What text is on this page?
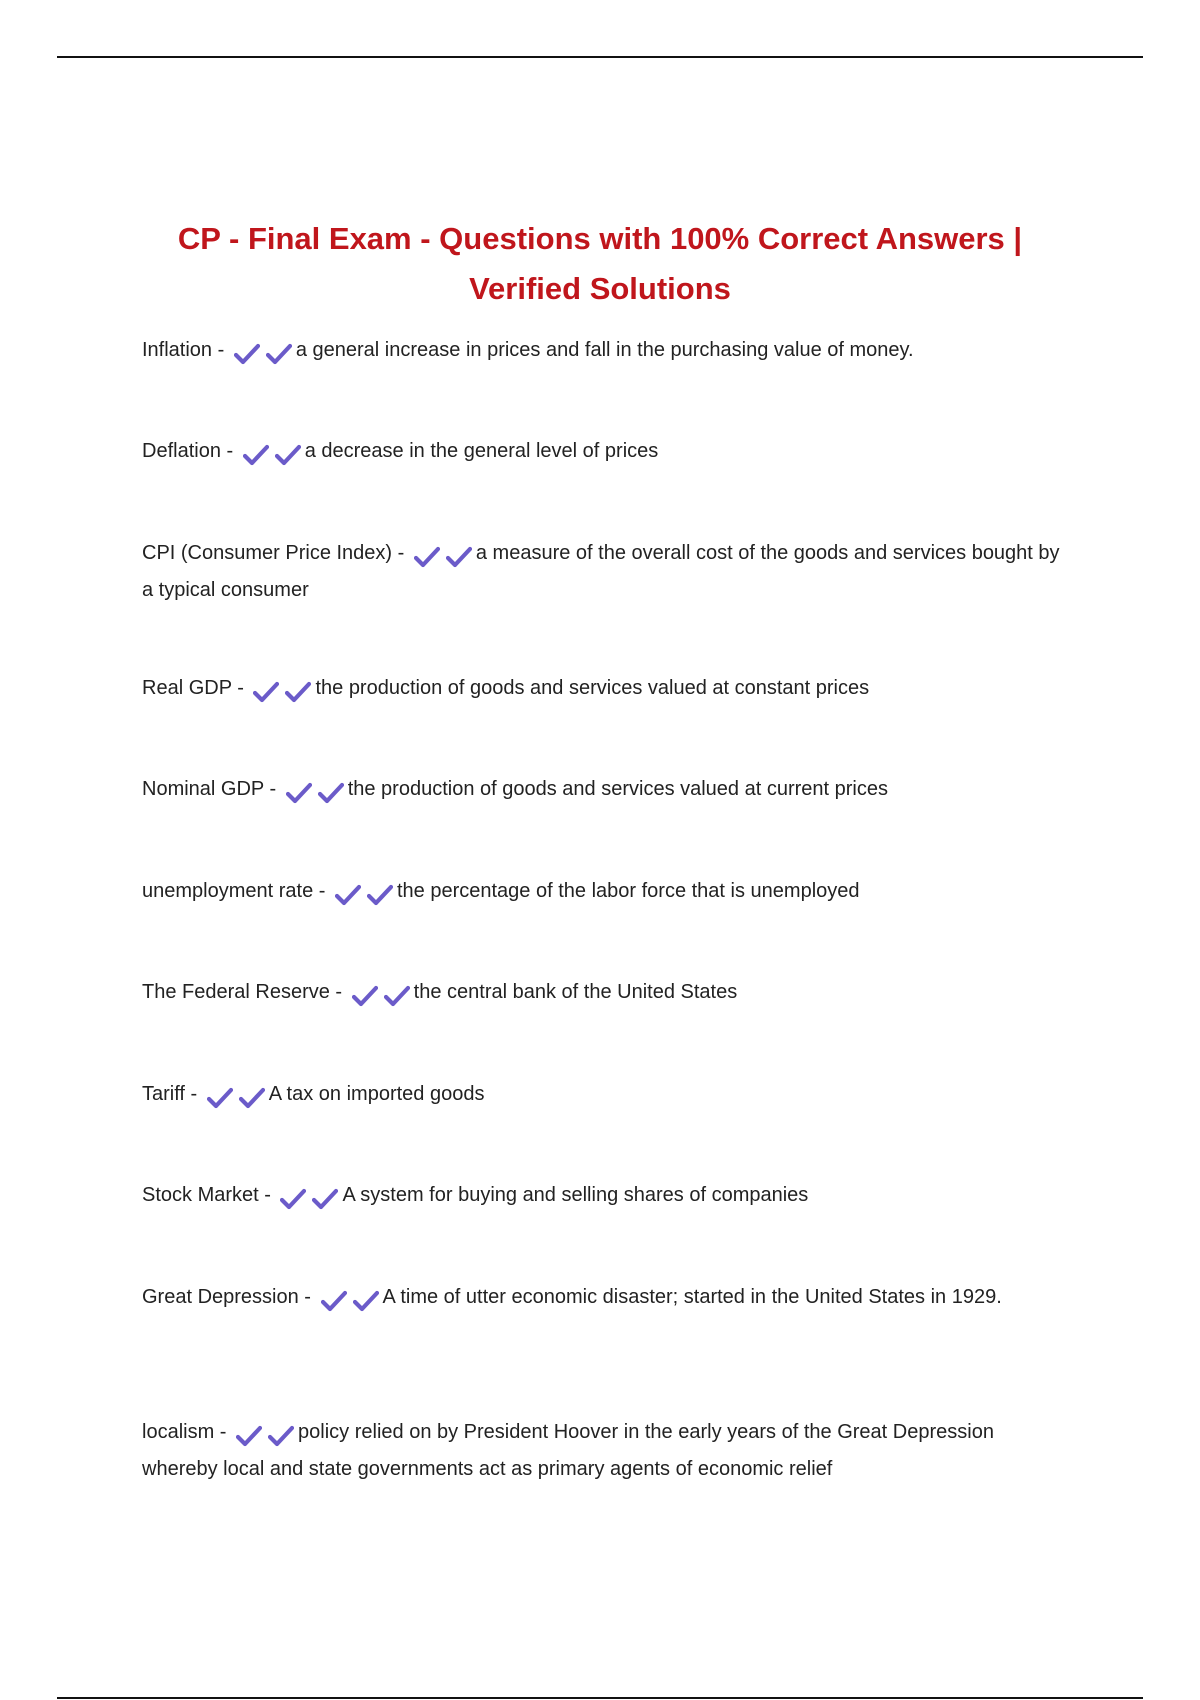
CP - Final Exam - Questions with 100% Correct Answers | Verified Solutions
Inflation -	a general increase in prices and fall in the purchasing value of money.
Deflation -	a decrease in the general level of prices
CPI (Consumer Price Index) -	a measure of the overall cost of the goods and services bought by a typical consumer
Real GDP -	the production of goods and services valued at constant prices
Nominal GDP -	the production of goods and services valued at current prices
unemployment rate -	the percentage of the labor force that is unemployed
The Federal Reserve -	the central bank of the United States
Tariff -	A tax on imported goods
Stock Market -	A system for buying and selling shares of companies
Great Depression -	A time of utter economic disaster; started in the United States in 1929.
localism -	policy relied on by President Hoover in the early years of the Great Depression whereby local and state governments act as primary agents of economic relief
